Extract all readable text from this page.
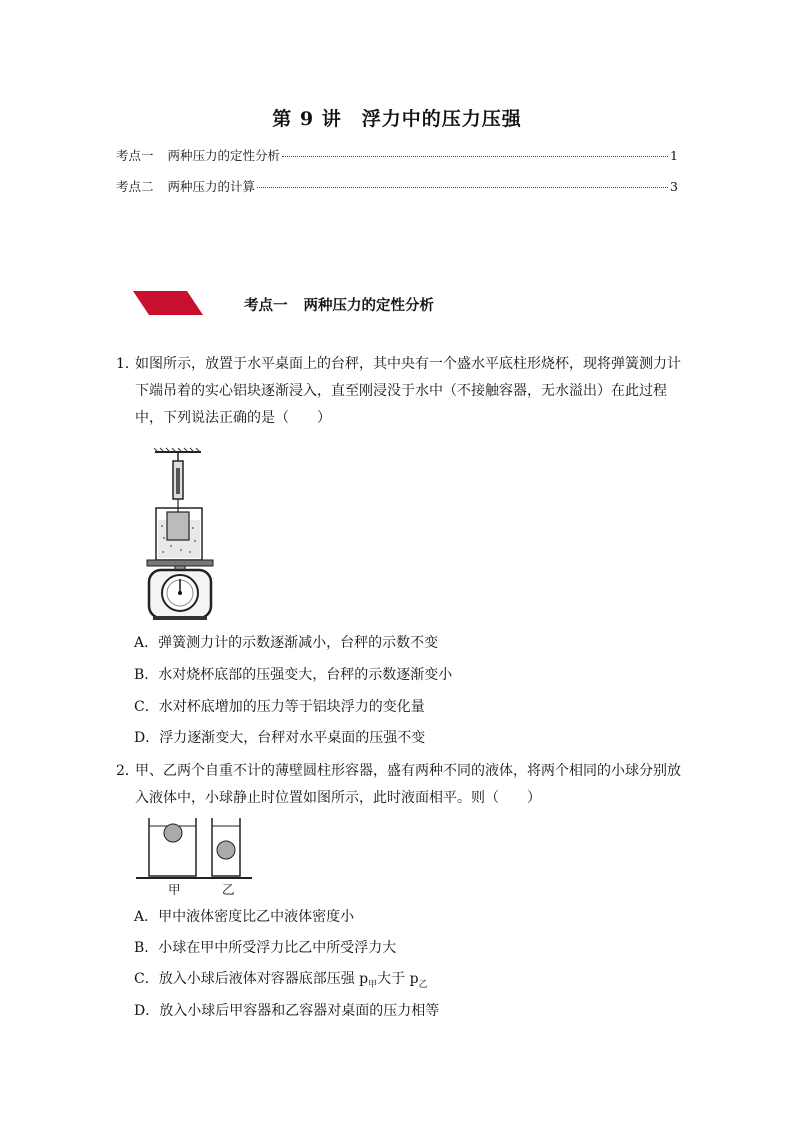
第 9 讲　浮力中的压力压强
考点一 两种压力的定性分析	1
考点二 两种压力的计算	3
考点一 两种压力的定性分析
1．
如图所示，放置于水平桌面上的台秤，其中央有一个盛水平底柱形烧杯，现将弹簧测力计下端吊着的实心铝块逐渐浸入，直至刚浸没于水中（不接触容器，无水溢出）在此过程中，下列说法正确的是（　　）
A．弹簧测力计的示数逐渐减小，台秤的示数不变
B．水对烧杯底部的压强变大，台秤的示数逐渐变小
C．水对杯底增加的压力等于铝块浮力的变化量
D．浮力逐渐变大，台秤对水平桌面的压强不变
2．
甲、乙两个自重不计的薄壁圆柱形容器，盛有两种不同的液体，将两个相同的小球分别放入液体中，小球静止时位置如图所示，此时液面相平。则（　　）
甲	乙
A．甲中液体密度比乙中液体密度小
B．小球在甲中所受浮力比乙中所受浮力大
C．放入小球后液体对容器底部压强 $p_甲$大于 $p_乙$
D．放入小球后甲容器和乙容器对桌面的压力相等
